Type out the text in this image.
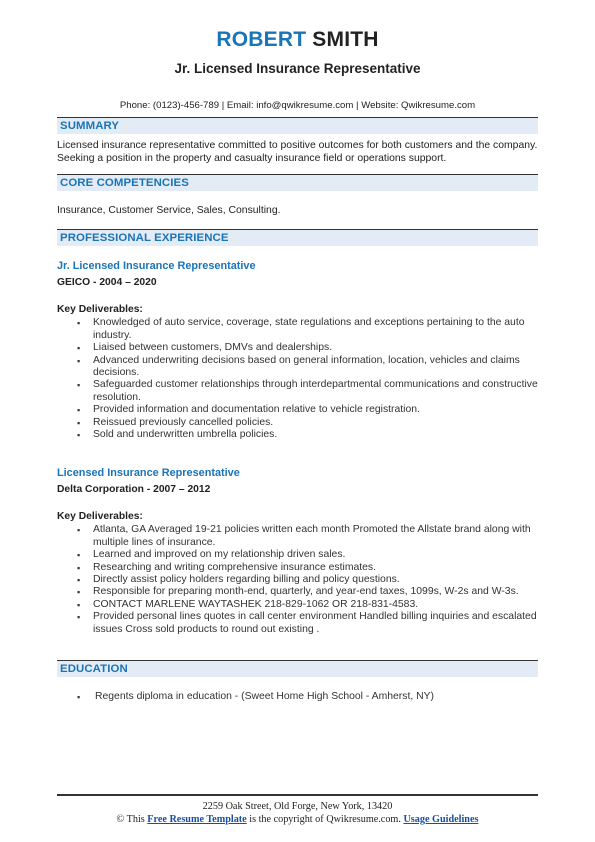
ROBERT SMITH
Jr. Licensed Insurance Representative
Phone: (0123)-456-789 | Email: info@qwikresume.com | Website: Qwikresume.com
SUMMARY
Licensed insurance representative committed to positive outcomes for both customers and the company. Seeking a position in the property and casualty insurance field or operations support.
CORE COMPETENCIES
Insurance, Customer Service, Sales, Consulting.
PROFESSIONAL EXPERIENCE
Jr. Licensed Insurance Representative
GEICO - 2004 – 2020
Key Deliverables:
▪ Knowledged of auto service, coverage, state regulations and exceptions pertaining to the auto industry.
▪ Liaised between customers, DMVs and dealerships.
▪ Advanced underwriting decisions based on general information, location, vehicles and claims decisions.
▪ Safeguarded customer relationships through interdepartmental communications and constructive resolution.
▪ Provided information and documentation relative to vehicle registration.
▪ Reissued previously cancelled policies.
▪ Sold and underwritten umbrella policies.
Licensed Insurance Representative
Delta Corporation - 2007 – 2012
Key Deliverables:
▪ Atlanta, GA Averaged 19-21 policies written each month Promoted the Allstate brand along with multiple lines of insurance.
▪ Learned and improved on my relationship driven sales.
▪ Researching and writing comprehensive insurance estimates.
▪ Directly assist policy holders regarding billing and policy questions.
▪ Responsible for preparing month-end, quarterly, and year-end taxes, 1099s, W-2s and W-3s.
▪ CONTACT MARLENE WAYTASHEK 218-829-1062 OR 218-831-4583.
▪ Provided personal lines quotes in call center environment Handled billing inquiries and escalated issues Cross sold products to round out existing .
EDUCATION
▪ Regents diploma in education - (Sweet Home High School - Amherst, NY)
2259 Oak Street, Old Forge, New York, 13420
© This Free Resume Template is the copyright of Qwikresume.com. Usage Guidelines
